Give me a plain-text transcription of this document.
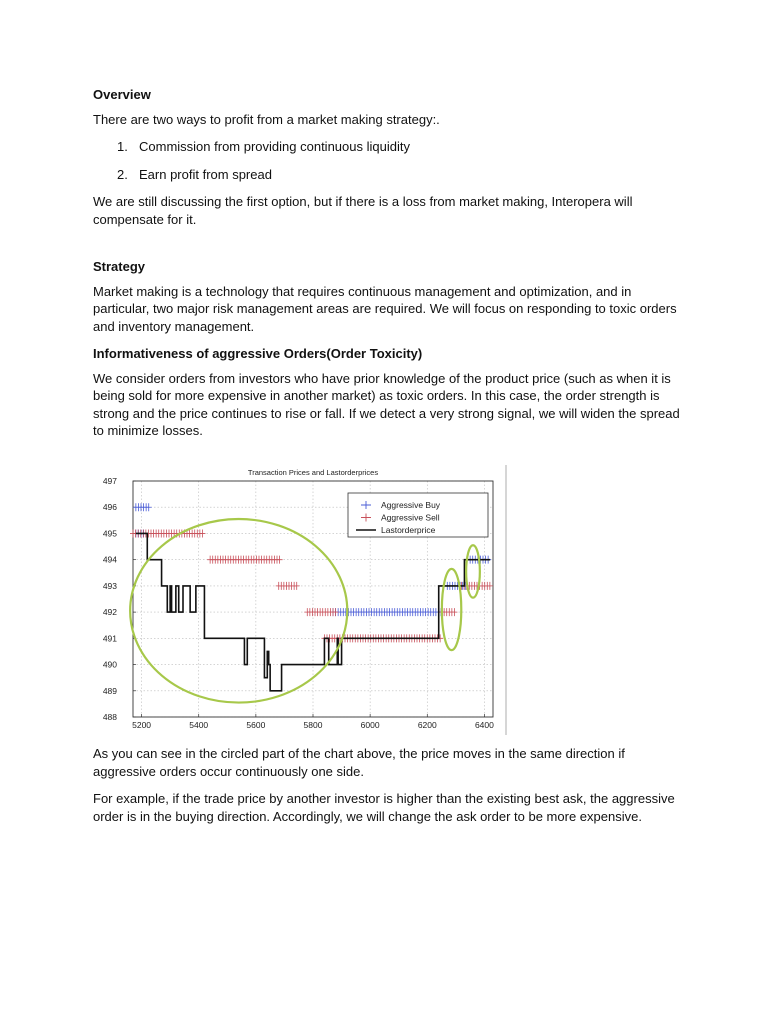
Overview

There are two ways to profit from a market making strategy:.

1. Commission from providing continuous liquidity
2. Earn profit from spread

We are still discussing the first option, but if there is a loss from market making, Interopera will compensate for it.

Strategy

Market making is a technology that requires continuous management and optimization, and in particular, two major risk management areas are required. We will focus on responding to toxic orders and inventory management.

Informativeness of aggressive Orders(Order Toxicity)

We consider orders from investors who have prior knowledge of the product price (such as when it is being sold for more expensive in another market) as toxic orders. In this case, the order strength is strong and the price continues to rise or fall. If we detect a very strong signal, we will widen the spread to minimize losses.

Transaction Prices and Lastorderprices
5200	5400	5600	5800	6000	6200	6400
488
489
490
491
492
493
494
495
496
497
Aggressive Buy
Aggressive Sell
Lastorderprice

As you can see in the circled part of the chart above, the price moves in the same direction if aggressive orders occur continuously one side.

For example, if the trade price by another investor is higher than the existing best ask, the aggressive order is in the buying direction. Accordingly, we will change the ask order to be more expensive.
